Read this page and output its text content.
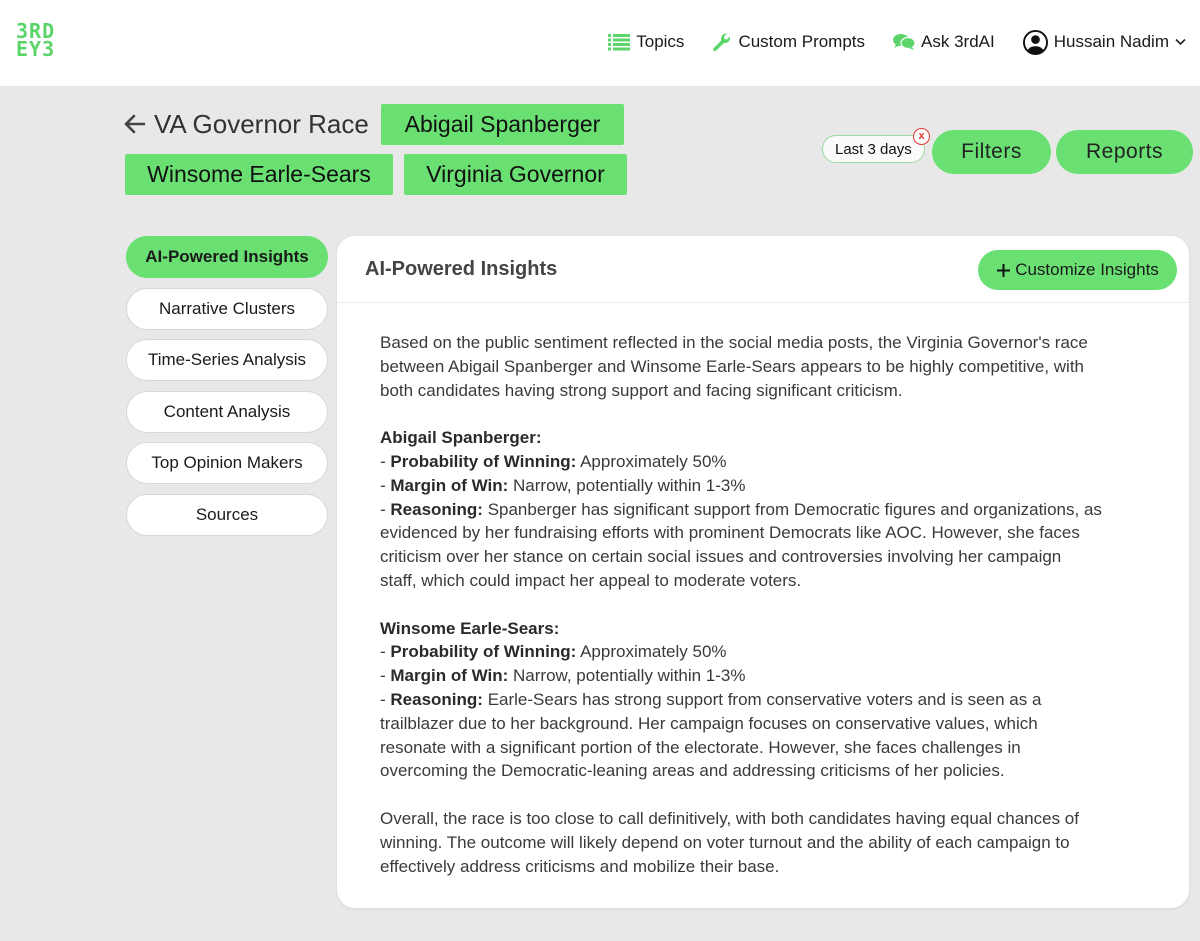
3RD
EY3	Topics	Custom Prompts	Ask 3rdAI	Hussain Nadim
VA Governor Race	Abigail Spanberger
Winsome Earle-Sears	Virginia Governor
Last 3 days
x
Filters	Reports
AI-Powered Insights
Narrative Clusters
Time-Series Analysis
Content Analysis
Top Opinion Makers
Sources
AI-Powered Insights	Customize Insights
Based on the public sentiment reflected in the social media posts, the Virginia Governor's race
between Abigail Spanberger and Winsome Earle-Sears appears to be highly competitive, with
both candidates having strong support and facing significant criticism.
Abigail Spanberger:
- Probability of Winning: Approximately 50%
- Margin of Win: Narrow, potentially within 1-3%
- Reasoning: Spanberger has significant support from Democratic figures and organizations, as
evidenced by her fundraising efforts with prominent Democrats like AOC. However, she faces
criticism over her stance on certain social issues and controversies involving her campaign
staff, which could impact her appeal to moderate voters.
Winsome Earle-Sears:
- Probability of Winning: Approximately 50%
- Margin of Win: Narrow, potentially within 1-3%
- Reasoning: Earle-Sears has strong support from conservative voters and is seen as a
trailblazer due to her background. Her campaign focuses on conservative values, which
resonate with a significant portion of the electorate. However, she faces challenges in
overcoming the Democratic-leaning areas and addressing criticisms of her policies.
Overall, the race is too close to call definitively, with both candidates having equal chances of
winning. The outcome will likely depend on voter turnout and the ability of each campaign to
effectively address criticisms and mobilize their base.
